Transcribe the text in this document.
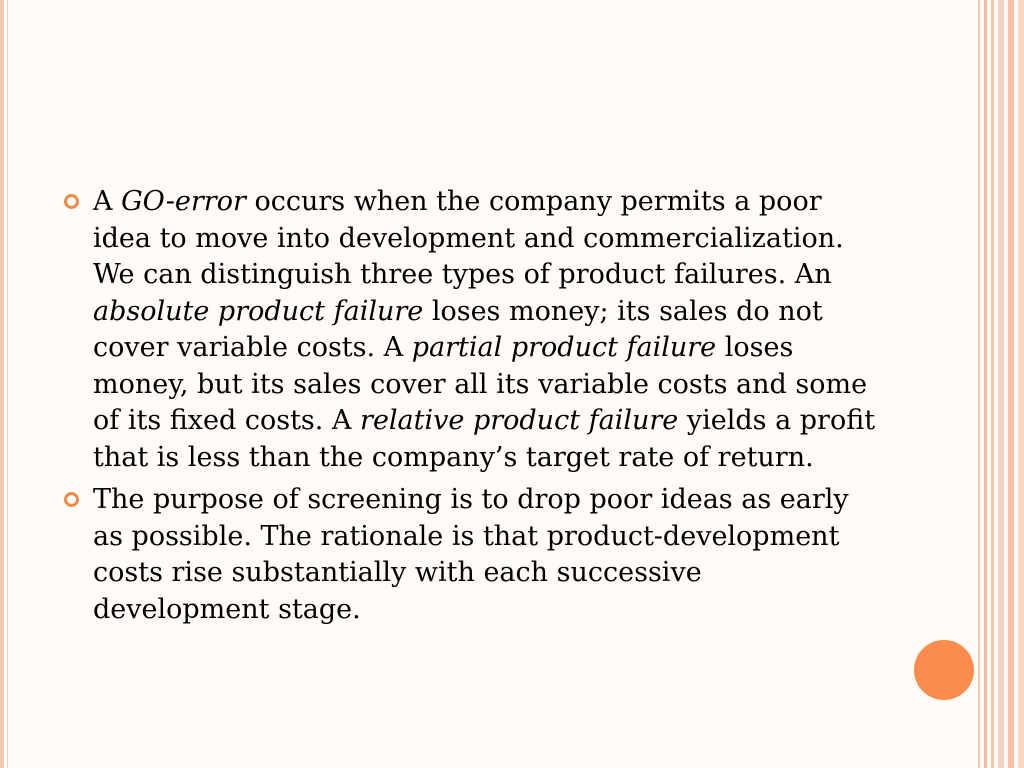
A GO-error occurs when the company permits a poor idea to move into development and commercialization. We can distinguish three types of product failures. An absolute product failure loses money; its sales do not cover variable costs. A partial product failure loses money, but its sales cover all its variable costs and some of its fixed costs. A relative product failure yields a profit that is less than the company’s target rate of return.
The purpose of screening is to drop poor ideas as early as possible. The rationale is that product-development costs rise substantially with each successive development stage.
